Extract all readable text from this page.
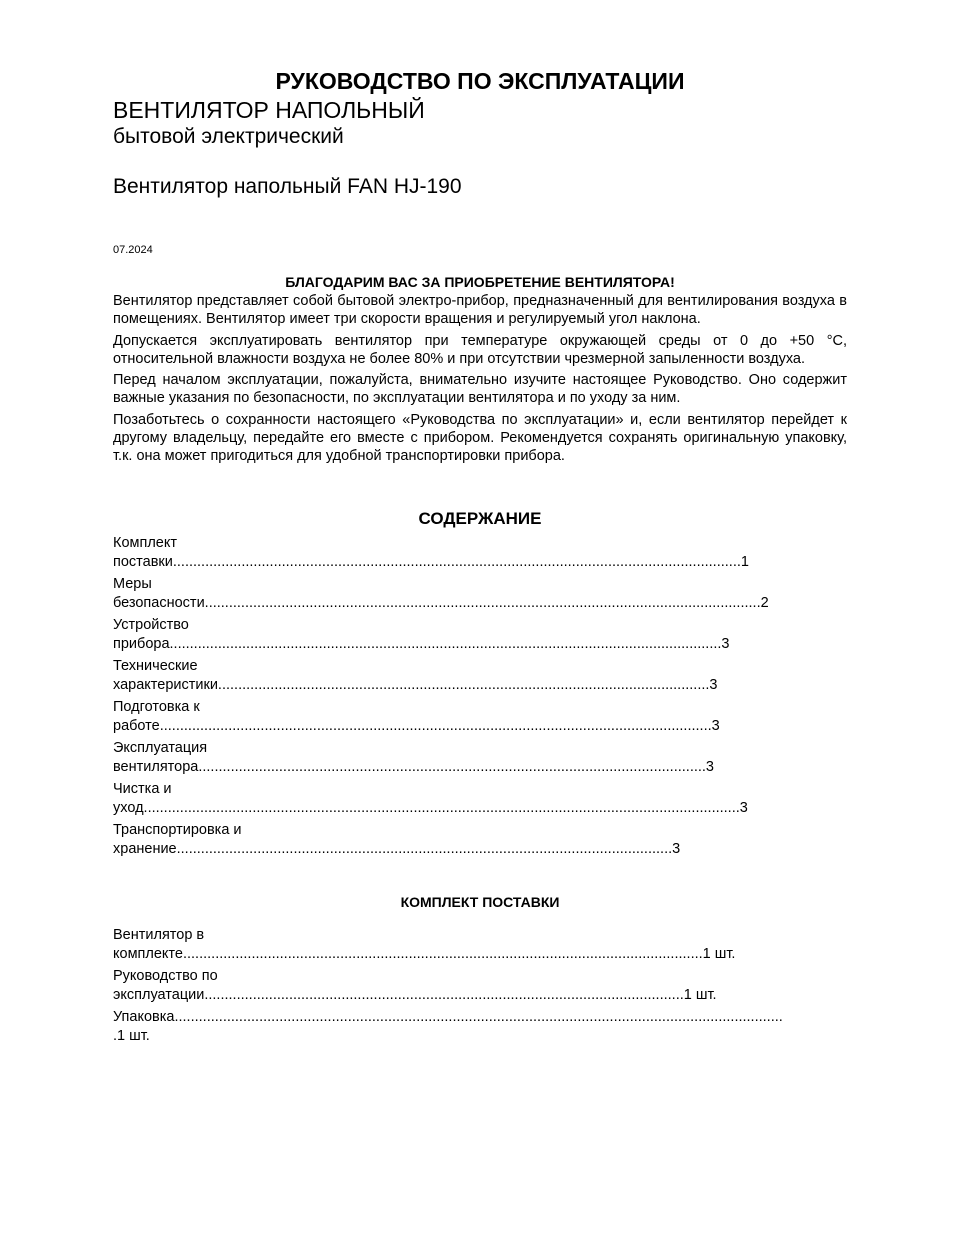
РУКОВОДСТВО ПО ЭКСПЛУАТАЦИИ
ВЕНТИЛЯТОР НАПОЛЬНЫЙ
бытовой электрический
Вентилятор напольный FAN HJ-190
07.2024
БЛАГОДАРИМ ВАС ЗА ПРИОБРЕТЕНИЕ ВЕНТИЛЯТОРА!

Вентилятор представляет собой бытовой электро-прибор, предназначенный для вентилирования воздуха в помещениях. Вентилятор имеет три скорости вращения и регулируемый угол наклона.

Допускается эксплуатировать вентилятор при температуре окружающей среды от 0 до +50 °C, относительной влажности воздуха не более 80% и при отсутствии чрезмерной запыленности воздуха.

Перед началом эксплуатации, пожалуйста, внимательно изучите настоящее Руководство. Оно содержит важные указания по безопасности, по эксплуатации вентилятора и по уходу за ним.

Позаботьтесь о сохранности настоящего «Руководства по эксплуатации» и, если вентилятор перейдет к другому владельцу, передайте его вместе с прибором. Рекомендуется сохранять оригинальную упаковку, т.к. она может пригодиться для удобной транспортировки прибора.

СОДЕРЖАНИЕ
Комплект
поставки.............................................................................................................................................1
Меры
безопасности..........................................................................................................................................2
Устройство
прибора.........................................................................................................................................3
Технические
характеристики..........................................................................................................................3
Подготовка к
работе.........................................................................................................................................3
Эксплуатация
вентилятора..............................................................................................................................3
Чистка и
уход....................................................................................................................................................3
Транспортировка и
хранение...........................................................................................................................3
КОМПЛЕКТ ПОСТАВКИ
Вентилятор в
комплекте.................................................................................................................................1 шт.
Руководство по
эксплуатации.......................................................................................................................1 шт.
Упаковка.......................................................................................................................................................
.1 шт.
